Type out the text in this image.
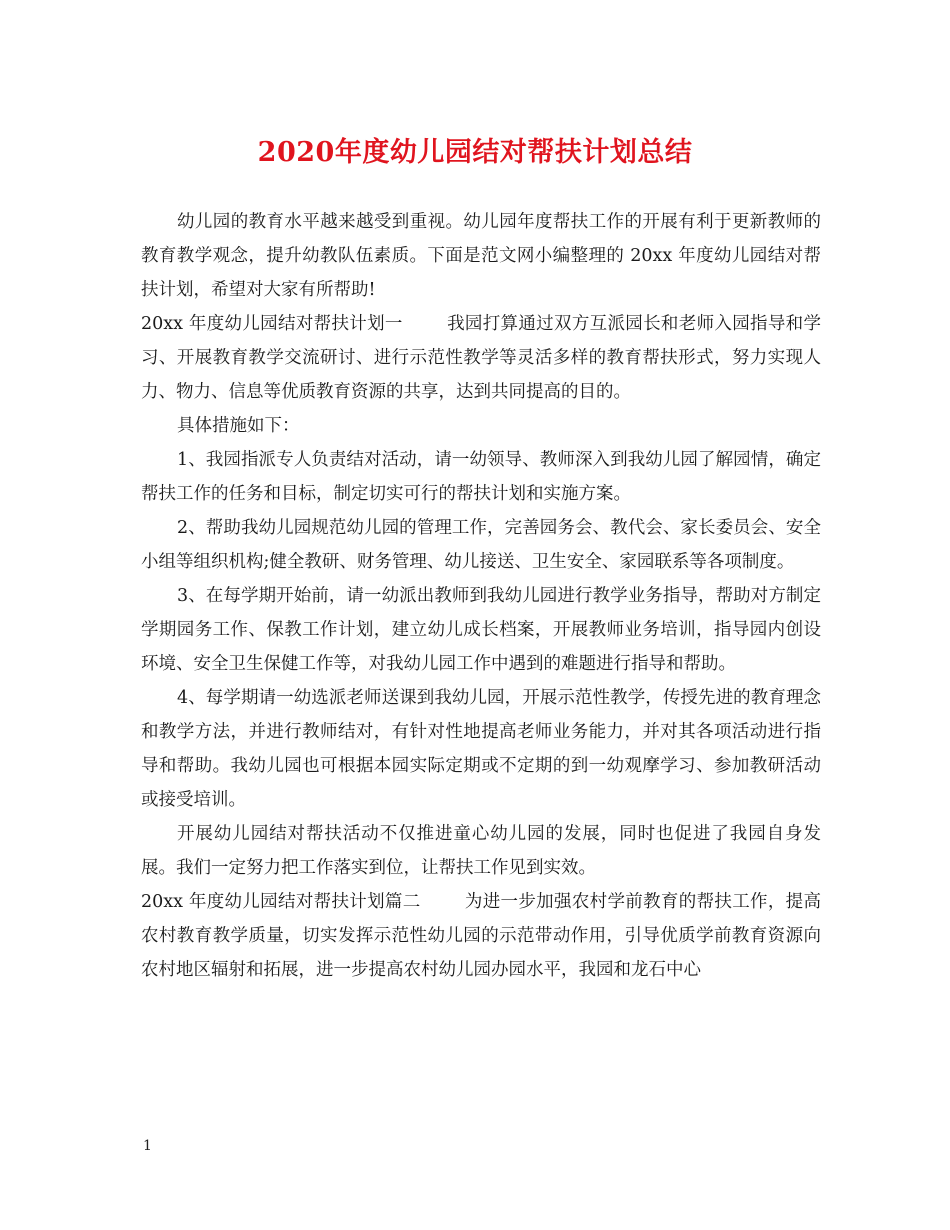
2020年度幼儿园结对帮扶计划总结

幼儿园的教育水平越来越受到重视。幼儿园年度帮扶工作的开展有利于更新教师的教育教学观念，提升幼教队伍素质。下面是范文网小编整理的 20xx 年度幼儿园结对帮扶计划，希望对大家有所帮助!

20xx 年度幼儿园结对帮扶计划一	我园打算通过双方互派园长和老师入园指导和学习、开展教育教学交流研讨、进行示范性教学等灵活多样的教育帮扶形式，努力实现人力、物力、信息等优质教育资源的共享，达到共同提高的目的。

具体措施如下：

1、我园指派专人负责结对活动，请一幼领导、教师深入到我幼儿园了解园情，确定帮扶工作的任务和目标，制定切实可行的帮扶计划和实施方案。

2、帮助我幼儿园规范幼儿园的管理工作，完善园务会、教代会、家长委员会、安全小组等组织机构;健全教研、财务管理、幼儿接送、卫生安全、家园联系等各项制度。

3、在每学期开始前，请一幼派出教师到我幼儿园进行教学业务指导，帮助对方制定学期园务工作、保教工作计划，建立幼儿成长档案，开展教师业务培训，指导园内创设环境、安全卫生保健工作等，对我幼儿园工作中遇到的难题进行指导和帮助。

4、每学期请一幼选派老师送课到我幼儿园，开展示范性教学，传授先进的教育理念和教学方法，并进行教师结对，有针对性地提高老师业务能力，并对其各项活动进行指导和帮助。我幼儿园也可根据本园实际定期或不定期的到一幼观摩学习、参加教研活动或接受培训。

开展幼儿园结对帮扶活动不仅推进童心幼儿园的发展，同时也促进了我园自身发展。我们一定努力把工作落实到位，让帮扶工作见到实效。

20xx 年度幼儿园结对帮扶计划篇二	为进一步加强农村学前教育的帮扶工作，提高农村教育教学质量，切实发挥示范性幼儿园的示范带动作用，引导优质学前教育资源向农村地区辐射和拓展，进一步提高农村幼儿园办园水平，我园和龙石中心

1
